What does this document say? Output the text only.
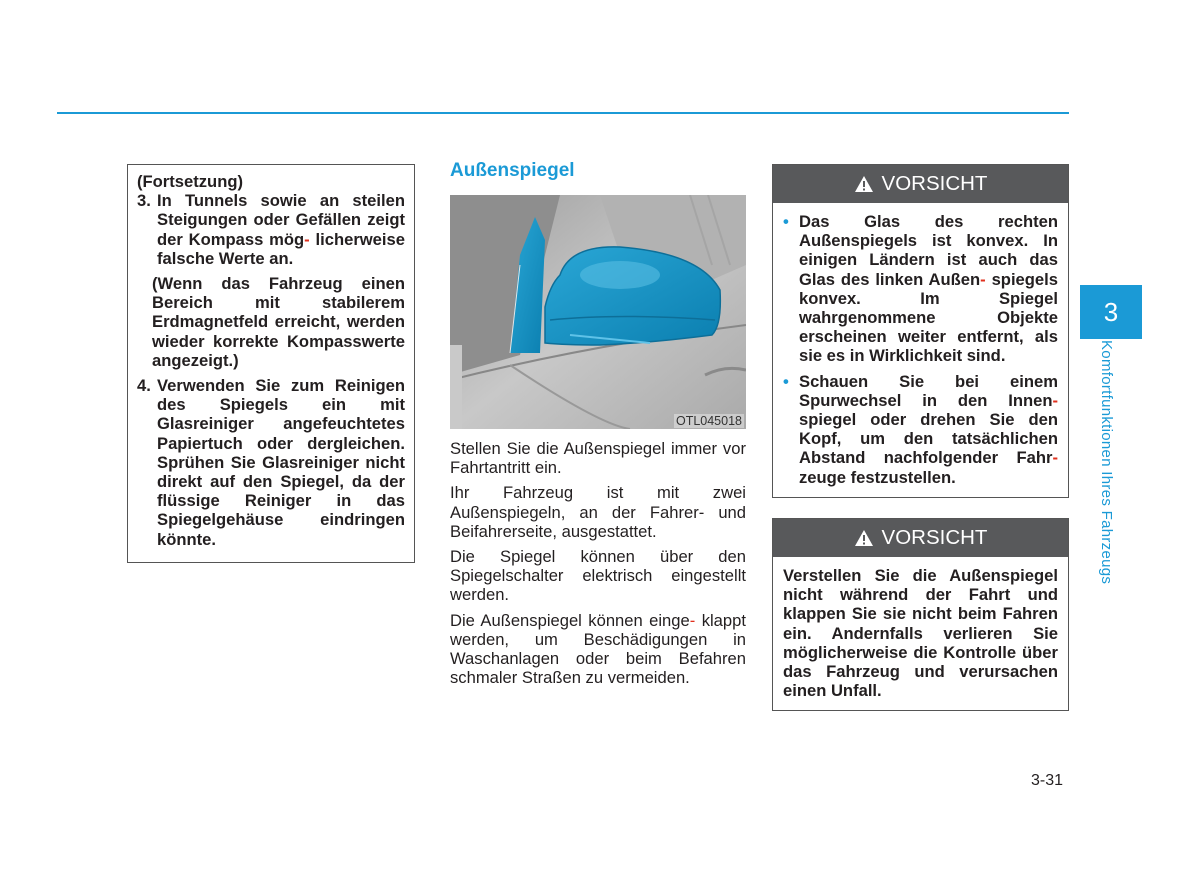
(Fortsetzung)

3. In Tunnels sowie an steilen Steigungen oder Gefällen zeigt der Kompass mög- licherweise falsche Werte an.

(Wenn das Fahrzeug einen Bereich mit stabilerem Erdmagnetfeld erreicht, werden wieder korrekte Kompasswerte angezeigt.)

4. Verwenden Sie zum Reinigen des Spiegels ein mit Glasreiniger angefeuchtetes Papiertuch oder dergleichen. Sprühen Sie Glasreiniger nicht direkt auf den Spiegel, da der flüssige Reiniger in das Spiegelgehäuse eindringen könnte.
Außenspiegel
OTL045018

Stellen Sie die Außenspiegel immer vor Fahrtantritt ein.

Ihr Fahrzeug ist mit zwei Außenspiegeln, an der Fahrer- und Beifahrerseite, ausgestattet.

Die Spiegel können über den Spiegelschalter elektrisch eingestellt werden.

Die Außenspiegel können einge- klappt werden, um Beschädigungen in Waschanlagen oder beim Befahren schmaler Straßen zu vermeiden.

VORSICHT
• Das Glas des rechten Außenspiegels ist konvex. In einigen Ländern ist auch das Glas des linken Außen- spiegels konvex. Im Spiegel wahrgenommene Objekte erscheinen weiter entfernt, als sie es in Wirklichkeit sind.
• Schauen Sie bei einem Spurwechsel in den Innen- spiegel oder drehen Sie den Kopf, um den tatsächlichen Abstand nachfolgender Fahr- zeuge festzustellen.
VORSICHT

Verstellen Sie die Außenspiegel nicht während der Fahrt und klappen Sie sie nicht beim Fahren ein. Andernfalls verlieren Sie möglicherweise die Kontrolle über das Fahrzeug und verursachen einen Unfall.

3
Komfortfunktionen Ihres Fahrzeugs
3-31
